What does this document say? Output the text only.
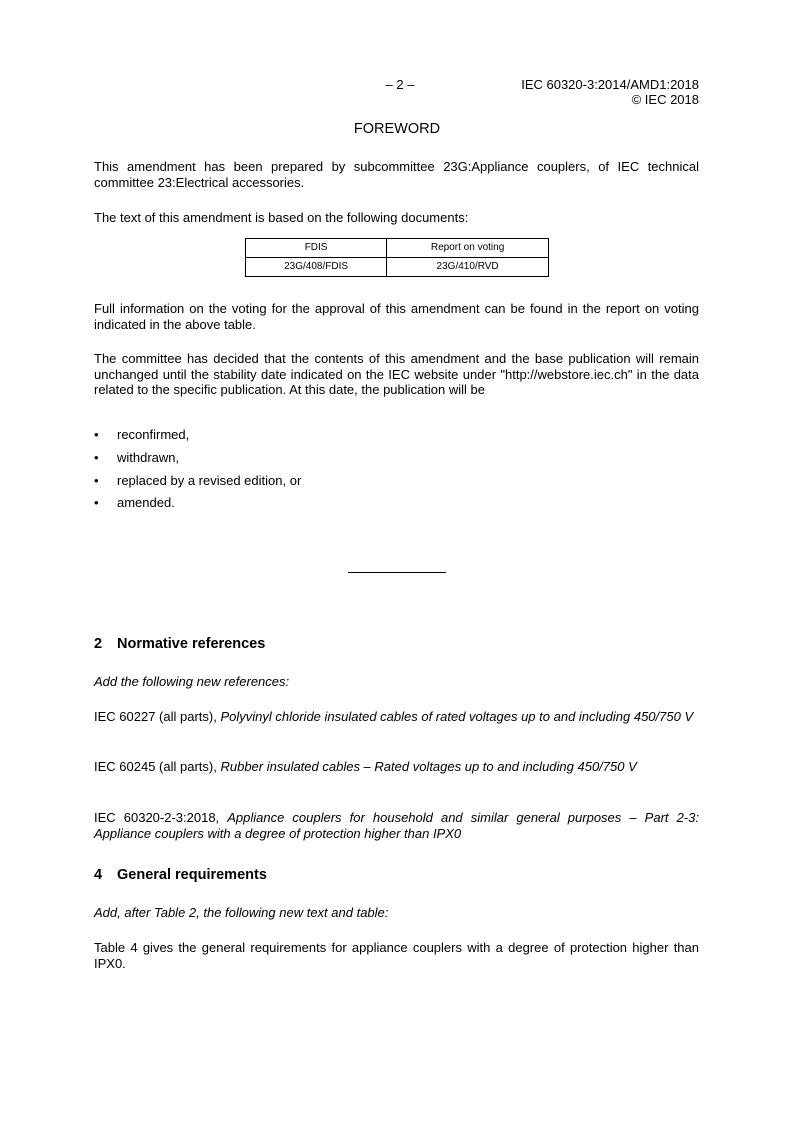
– 2 –	IEC 60320-3:2014/AMD1:2018
© IEC 2018
FOREWORD

This amendment has been prepared by subcommittee 23G:Appliance couplers, of IEC technical committee 23:Electrical accessories.

The text of this amendment is based on the following documents:

FDIS	Report on voting
23G/408/FDIS	23G/410/RVD

Full information on the voting for the approval of this amendment can be found in the report on voting indicated in the above table.

The committee has decided that the contents of this amendment and the base publication will remain unchanged until the stability date indicated on the IEC website under "http://webstore.iec.ch" in the data related to the specific publication. At this date, the publication will be

• reconfirmed,
• withdrawn,
• replaced by a revised edition, or
• amended.
2 Normative references

Add the following new references:

IEC 60227 (all parts), Polyvinyl chloride insulated cables of rated voltages up to and including 450/750 V

IEC 60245 (all parts), Rubber insulated cables – Rated voltages up to and including 450/750 V

IEC 60320-2-3:2018, Appliance couplers for household and similar general purposes – Part 2-3: Appliance couplers with a degree of protection higher than IPX0

4 General requirements

Add, after Table 2, the following new text and table:

Table 4 gives the general requirements for appliance couplers with a degree of protection higher than IPX0.
